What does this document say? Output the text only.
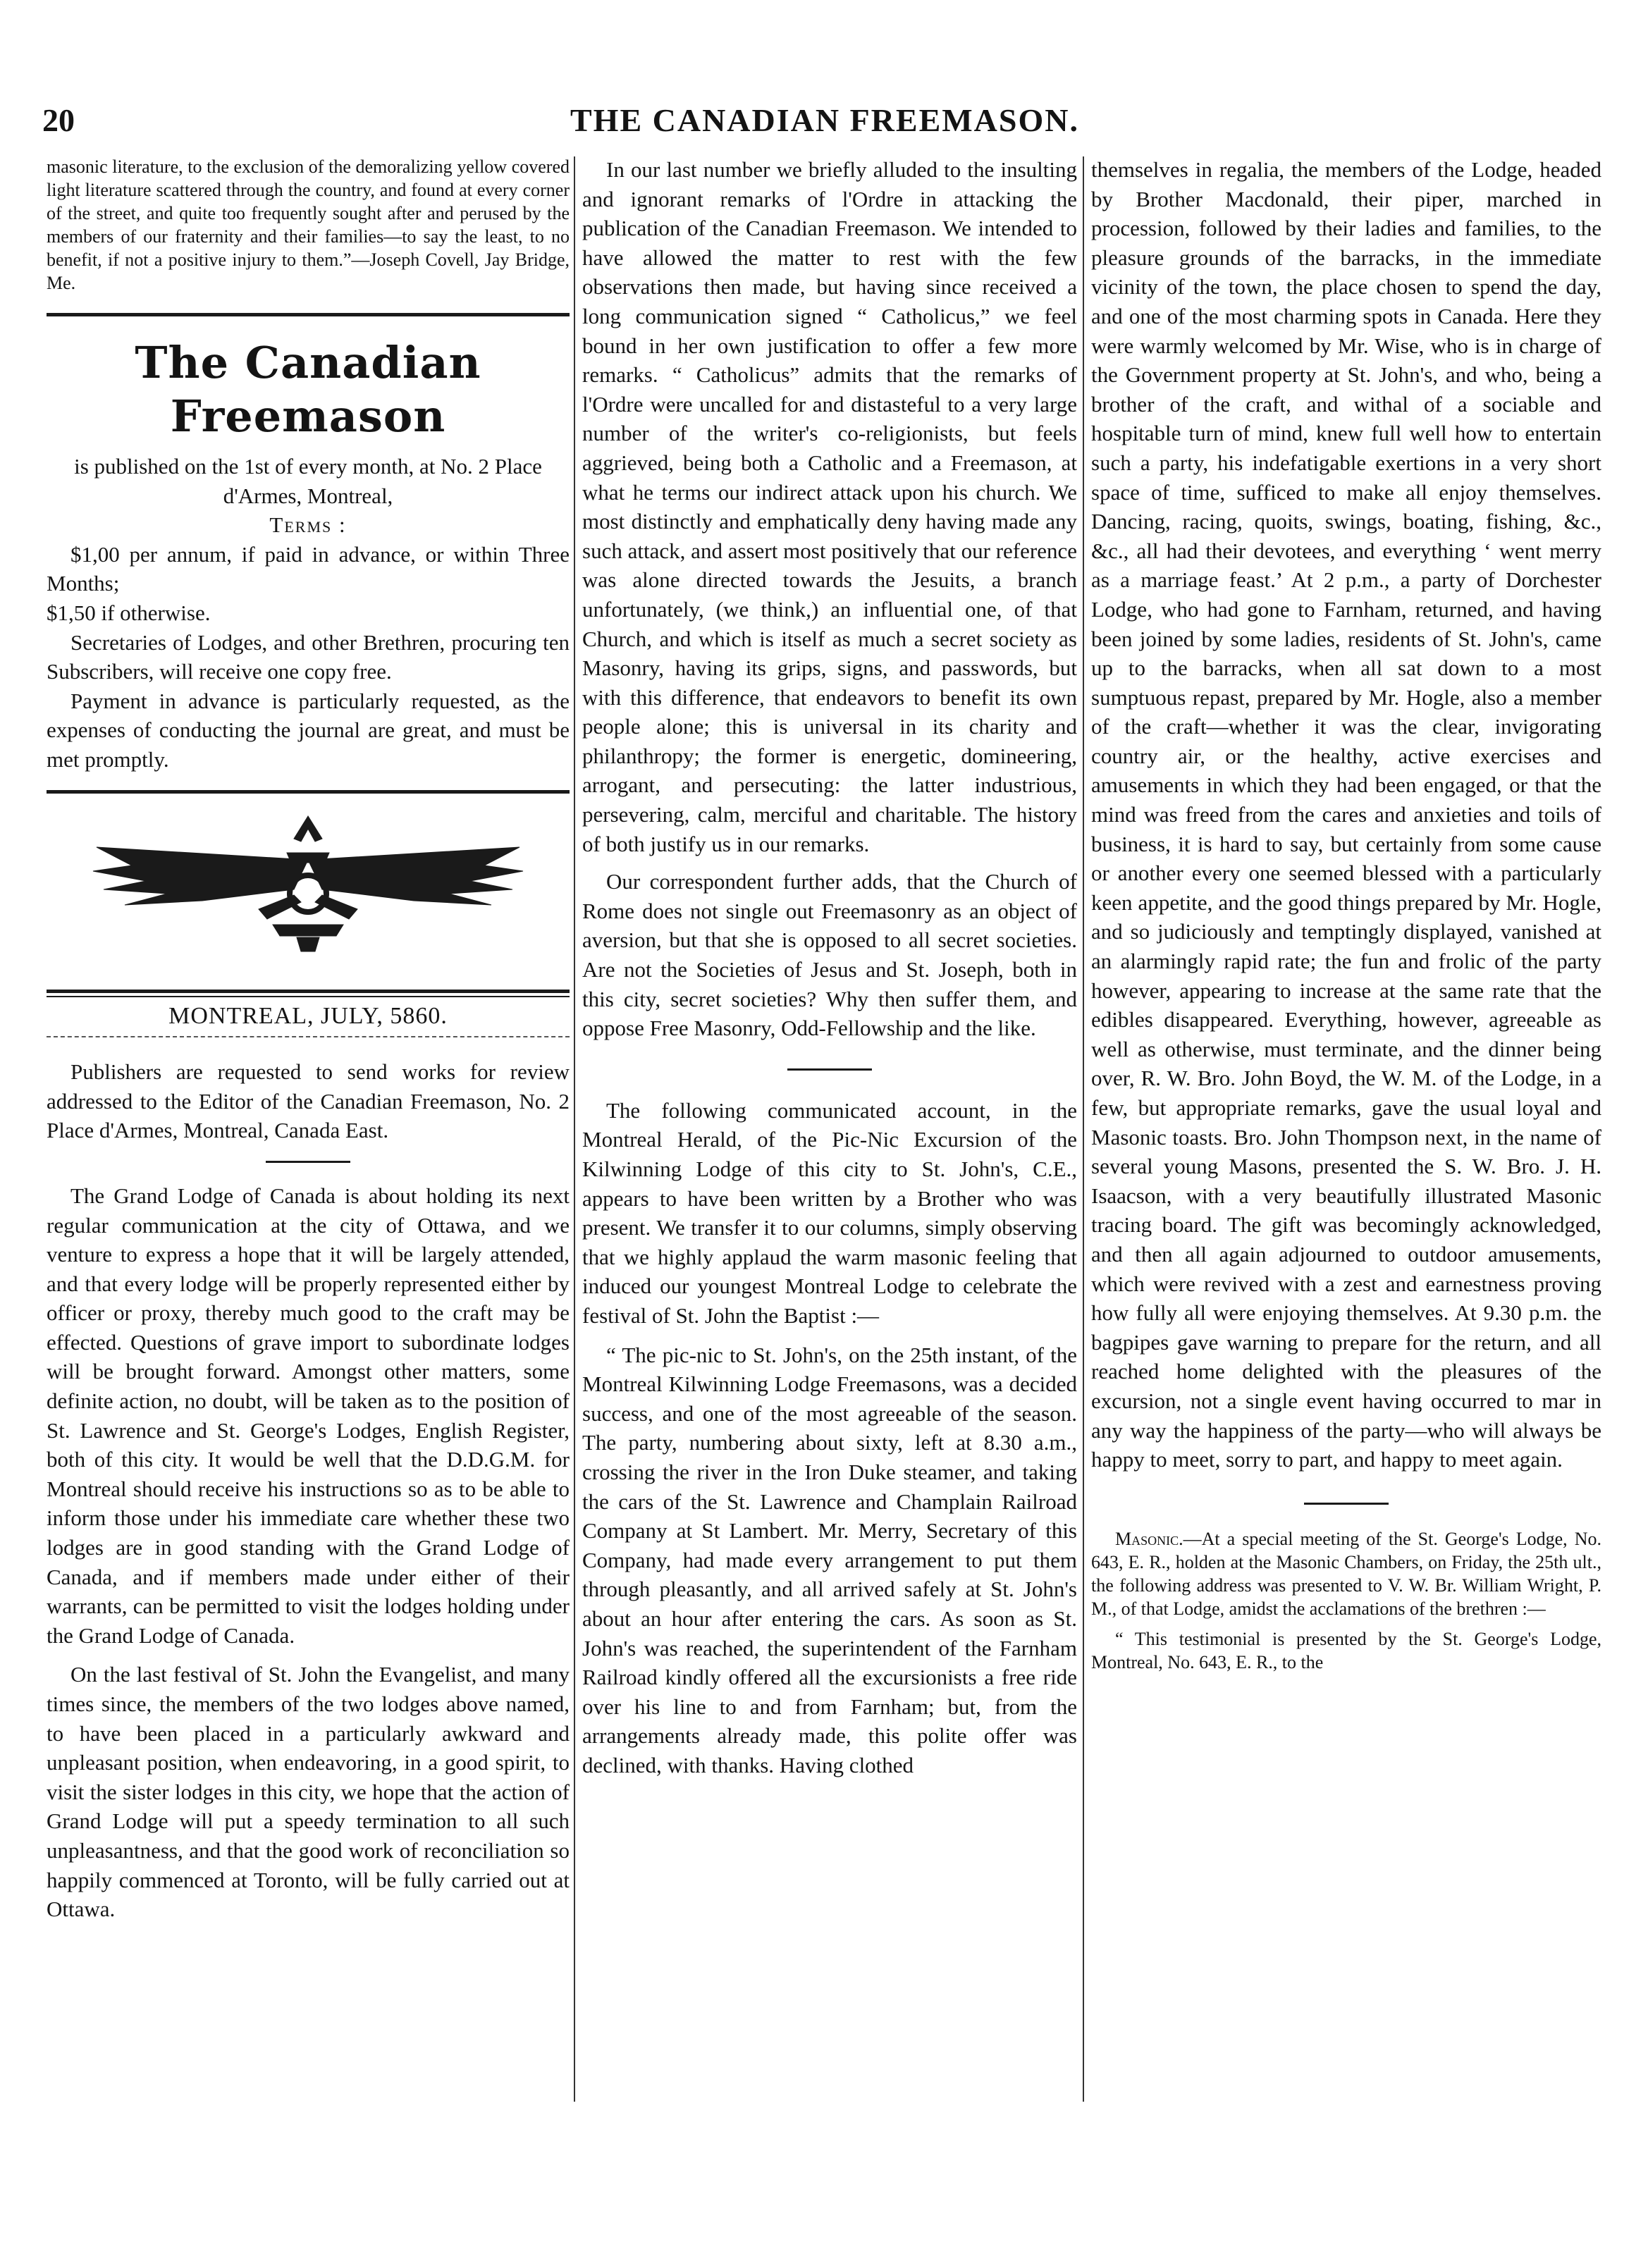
20	THE CANADIAN FREEMASON.

masonic literature, to the exclusion of the demoralizing yellow covered light literature scattered through the country, and found at every corner of the street, and quite too frequently sought after and perused by the members of our fraternity and their families—to say the least, to no benefit, if not a positive injury to them.”—Joseph Covell, Jay Bridge, Me.

The Canadian Freemason

is published on the 1st of every month, at No. 2 Place d'Armes, Montreal,

Terms :

$1,00 per annum, if paid in advance, or within Three Months;

$1,50 if otherwise.

Secretaries of Lodges, and other Brethren, procuring ten Subscribers, will receive one copy free.

Payment in advance is particularly requested, as the expenses of conducting the journal are great, and must be met promptly.

MONTREAL, JULY, 5860.

Publishers are requested to send works for review addressed to the Editor of the Canadian Freemason, No. 2 Place d'Armes, Montreal, Canada East.

The Grand Lodge of Canada is about holding its next regular communication at the city of Ottawa, and we venture to express a hope that it will be largely attended, and that every lodge will be properly represented either by officer or proxy, thereby much good to the craft may be effected. Questions of grave import to subordinate lodges will be brought forward. Amongst other matters, some definite action, no doubt, will be taken as to the position of St. Lawrence and St. George's Lodges, English Register, both of this city. It would be well that the D.D.G.M. for Montreal should receive his instructions so as to be able to inform those under his immediate care whether these two lodges are in good standing with the Grand Lodge of Canada, and if members made under either of their warrants, can be permitted to visit the lodges holding under the Grand Lodge of Canada.

On the last festival of St. John the Evangelist, and many times since, the members of the two lodges above named, to have been placed in a particularly awkward and unpleasant position, when endeavoring, in a good spirit, to visit the sister lodges in this city, we hope that the action of Grand Lodge will put a speedy termination to all such unpleasantness, and that the good work of reconciliation so happily commenced at Toronto, will be fully carried out at Ottawa.

In our last number we briefly alluded to the insulting and ignorant remarks of l'Ordre in attacking the publication of the Canadian Freemason. We intended to have allowed the matter to rest with the few observations then made, but having since received a long communication signed “ Catholicus,” we feel bound in her own justification to offer a few more remarks. “ Catholicus” admits that the remarks of l'Ordre were uncalled for and distasteful to a very large number of the writer's co-religionists, but feels aggrieved, being both a Catholic and a Freemason, at what he terms our indirect attack upon his church. We most distinctly and emphatically deny having made any such attack, and assert most positively that our reference was alone directed towards the Jesuits, a branch unfortunately, (we think,) an influential one, of that Church, and which is itself as much a secret society as Masonry, having its grips, signs, and passwords, but with this difference, that endeavors to benefit its own people alone; this is universal in its charity and philanthropy; the former is energetic, domineering, arrogant, and persecuting: the latter industrious, persevering, calm, merciful and charitable. The history of both justify us in our remarks.

Our correspondent further adds, that the Church of Rome does not single out Freemasonry as an object of aversion, but that she is opposed to all secret societies. Are not the Societies of Jesus and St. Joseph, both in this city, secret societies? Why then suffer them, and oppose Free Masonry, Odd-Fellowship and the like.

The following communicated account, in the Montreal Herald, of the Pic-Nic Excursion of the Kilwinning Lodge of this city to St. John's, C.E., appears to have been written by a Brother who was present. We transfer it to our columns, simply observing that we highly applaud the warm masonic feeling that induced our youngest Montreal Lodge to celebrate the festival of St. John the Baptist :—

“ The pic-nic to St. John's, on the 25th instant, of the Montreal Kilwinning Lodge Freemasons, was a decided success, and one of the most agreeable of the season. The party, numbering about sixty, left at 8.30 a.m., crossing the river in the Iron Duke steamer, and taking the cars of the St. Lawrence and Champlain Railroad Company at St Lambert. Mr. Merry, Secretary of this Company, had made every arrangement to put them through pleasantly, and all arrived safely at St. John's about an hour after entering the cars. As soon as St. John's was reached, the superintendent of the Farnham Railroad kindly offered all the excursionists a free ride over his line to and from Farnham; but, from the arrangements already made, this polite offer was declined, with thanks. Having clothed

themselves in regalia, the members of the Lodge, headed by Brother Macdonald, their piper, marched in procession, followed by their ladies and families, to the pleasure grounds of the barracks, in the immediate vicinity of the town, the place chosen to spend the day, and one of the most charming spots in Canada. Here they were warmly welcomed by Mr. Wise, who is in charge of the Government property at St. John's, and who, being a brother of the craft, and withal of a sociable and hospitable turn of mind, knew full well how to entertain such a party, his indefatigable exertions in a very short space of time, sufficed to make all enjoy themselves. Dancing, racing, quoits, swings, boating, fishing, &c., &c., all had their devotees, and everything ‘ went merry as a marriage feast.’ At 2 p.m., a party of Dorchester Lodge, who had gone to Farnham, returned, and having been joined by some ladies, residents of St. John's, came up to the barracks, when all sat down to a most sumptuous repast, prepared by Mr. Hogle, also a member of the craft—whether it was the clear, invigorating country air, or the healthy, active exercises and amusements in which they had been engaged, or that the mind was freed from the cares and anxieties and toils of business, it is hard to say, but certainly from some cause or another every one seemed blessed with a particularly keen appetite, and the good things prepared by Mr. Hogle, and so judiciously and temptingly displayed, vanished at an alarmingly rapid rate; the fun and frolic of the party however, appearing to increase at the same rate that the edibles disappeared. Everything, however, agreeable as well as otherwise, must terminate, and the dinner being over, R. W. Bro. John Boyd, the W. M. of the Lodge, in a few, but appropriate remarks, gave the usual loyal and Masonic toasts. Bro. John Thompson next, in the name of several young Masons, presented the S. W. Bro. J. H. Isaacson, with a very beautifully illustrated Masonic tracing board. The gift was becomingly acknowledged, and then all again adjourned to outdoor amusements, which were revived with a zest and earnestness proving how fully all were enjoying themselves. At 9.30 p.m. the bagpipes gave warning to prepare for the return, and all reached home delighted with the pleasures of the excursion, not a single event having occurred to mar in any way the happiness of the party—who will always be happy to meet, sorry to part, and happy to meet again.

Masonic.—At a special meeting of the St. George's Lodge, No. 643, E. R., holden at the Masonic Chambers, on Friday, the 25th ult., the following address was presented to V. W. Br. William Wright, P. M., of that Lodge, amidst the acclamations of the brethren :—

“ This testimonial is presented by the St. George's Lodge, Montreal, No. 643, E. R., to the
